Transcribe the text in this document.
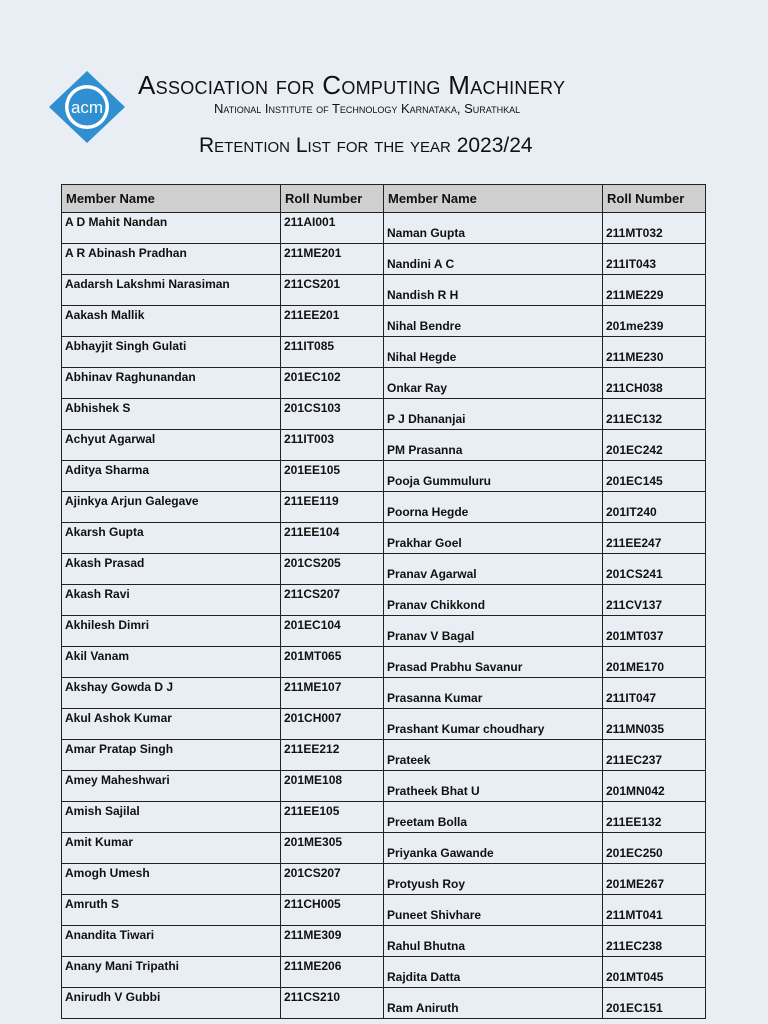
acm
Association for Computing Machinery
National Institute of Technology Karnataka, Surathkal
Retention List for the year 2023/24
Member Name	Roll Number	Member Name	Roll Number
A D Mahit Nandan	211AI001	Naman Gupta	211MT032
A R Abinash Pradhan	211ME201	Nandini A C	211IT043
Aadarsh Lakshmi Narasiman	211CS201	Nandish R H	211ME229
Aakash Mallik	211EE201	Nihal Bendre	201me239
Abhayjit Singh Gulati	211IT085	Nihal Hegde	211ME230
Abhinav Raghunandan	201EC102	Onkar Ray	211CH038
Abhishek S	201CS103	P J Dhananjai	211EC132
Achyut Agarwal	211IT003	PM Prasanna	201EC242
Aditya Sharma	201EE105	Pooja Gummuluru	201EC145
Ajinkya Arjun Galegave	211EE119	Poorna Hegde	201IT240
Akarsh Gupta	211EE104	Prakhar Goel	211EE247
Akash Prasad	201CS205	Pranav Agarwal	201CS241
Akash Ravi	211CS207	Pranav Chikkond	211CV137
Akhilesh Dimri	201EC104	Pranav V Bagal	201MT037
Akil Vanam	201MT065	Prasad Prabhu Savanur	201ME170
Akshay Gowda D J	211ME107	Prasanna Kumar	211IT047
Akul Ashok Kumar	201CH007	Prashant Kumar choudhary	211MN035
Amar Pratap Singh	211EE212	Prateek	211EC237
Amey Maheshwari	201ME108	Pratheek Bhat U	201MN042
Amish Sajilal	211EE105	Preetam Bolla	211EE132
Amit Kumar	201ME305	Priyanka Gawande	201EC250
Amogh Umesh	201CS207	Protyush Roy	201ME267
Amruth S	211CH005	Puneet Shivhare	211MT041
Anandita Tiwari	211ME309	Rahul Bhutna	211EC238
Anany Mani Tripathi	211ME206	Rajdita Datta	201MT045
Anirudh V Gubbi	211CS210	Ram Aniruth	201EC151
